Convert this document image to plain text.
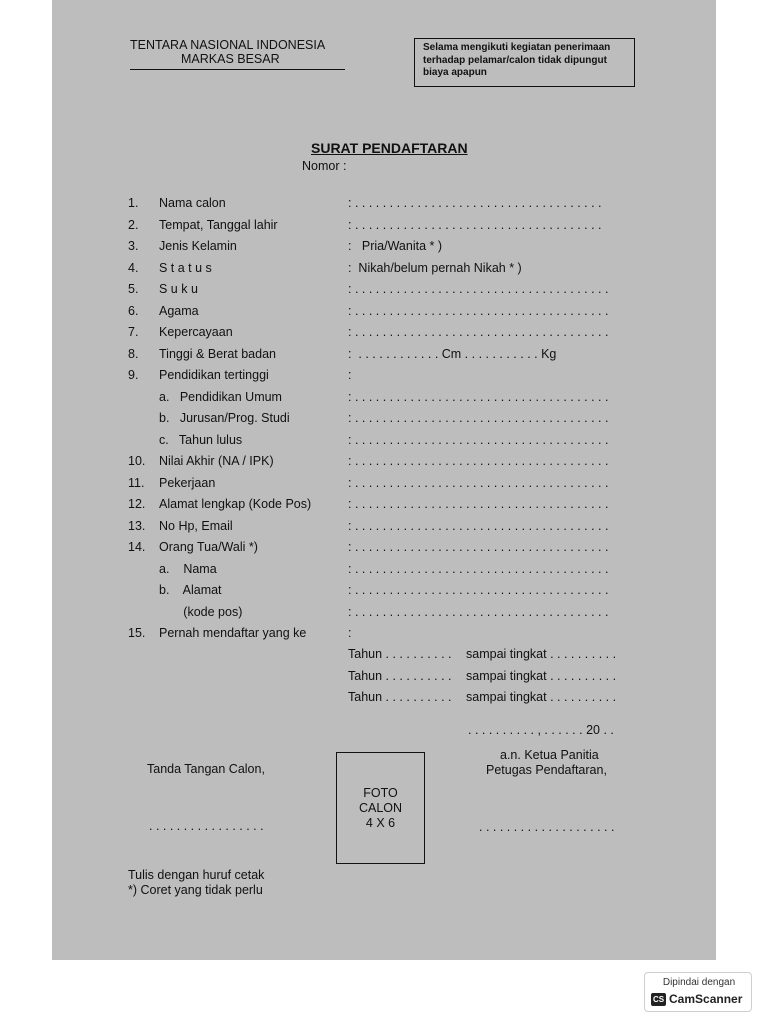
TENTARA NASIONAL INDONESIA
MARKAS BESAR
Selama mengikuti kegiatan penerimaan terhadap pelamar/calon tidak dipungut biaya apapun
SURAT PENDAFTARAN
Nomor :
1. Nama calon	: . . . . . . . . . . . . . . . . . . . . . . . . . . . . . . . . . . . .
2. Tempat, Tanggal lahir	: . . . . . . . . . . . . . . . . . . . . . . . . . . . . . . . . . . . .
3. Jenis Kelamin	:   Pria/Wanita * )
4. S t a t u s	:  Nikah/belum pernah Nikah * )
5. S u k u	: . . . . . . . . . . . . . . . . . . . . . . . . . . . . . . . . . . . . .
6. Agama	: . . . . . . . . . . . . . . . . . . . . . . . . . . . . . . . . . . . . .
7. Kepercayaan	: . . . . . . . . . . . . . . . . . . . . . . . . . . . . . . . . . . . . .
8. Tinggi & Berat badan	:  . . . . . . . . . . . . Cm . . . . . . . . . . . Kg
9. Pendidikan tertinggi	:
a.   Pendidikan Umum	: . . . . . . . . . . . . . . . . . . . . . . . . . . . . . . . . . . . . .
b.   Jurusan/Prog. Studi	: . . . . . . . . . . . . . . . . . . . . . . . . . . . . . . . . . . . . .
c.   Tahun lulus	: . . . . . . . . . . . . . . . . . . . . . . . . . . . . . . . . . . . . .
10. Nilai Akhir (NA / IPK)	: . . . . . . . . . . . . . . . . . . . . . . . . . . . . . . . . . . . . .
11. Pekerjaan	: . . . . . . . . . . . . . . . . . . . . . . . . . . . . . . . . . . . . .
12. Alamat lengkap (Kode Pos)	: . . . . . . . . . . . . . . . . . . . . . . . . . . . . . . . . . . . . .
13. No Hp, Email	: . . . . . . . . . . . . . . . . . . . . . . . . . . . . . . . . . . . . .
14. Orang Tua/Wali *)	: . . . . . . . . . . . . . . . . . . . . . . . . . . . . . . . . . . . . .
a.    Nama	: . . . . . . . . . . . . . . . . . . . . . . . . . . . . . . . . . . . . .
b.    Alamat	: . . . . . . . . . . . . . . . . . . . . . . . . . . . . . . . . . . . . .
(kode pos)	: . . . . . . . . . . . . . . . . . . . . . . . . . . . . . . . . . . . . .
15. Pernah mendaftar yang ke	:
Tahun . . . . . . . . . . sampai tingkat . . . . . . . . . .
Tahun . . . . . . . . . . sampai tingkat . . . . . . . . . .
Tahun . . . . . . . . . . sampai tingkat . . . . . . . . . .
. . . . . . . . . . , . . . . . . 20 . .
Tanda Tangan Calon,
. . . . . . . . . . . . . . . . .
a.n. Ketua Panitia
Petugas Pendaftaran,
. . . . . . . . . . . . . . . . . . . .
FOTO
CALON
4 X 6
Tulis dengan huruf cetak
*) Coret yang tidak perlu
Dipindai dengan
CS CamScanner
